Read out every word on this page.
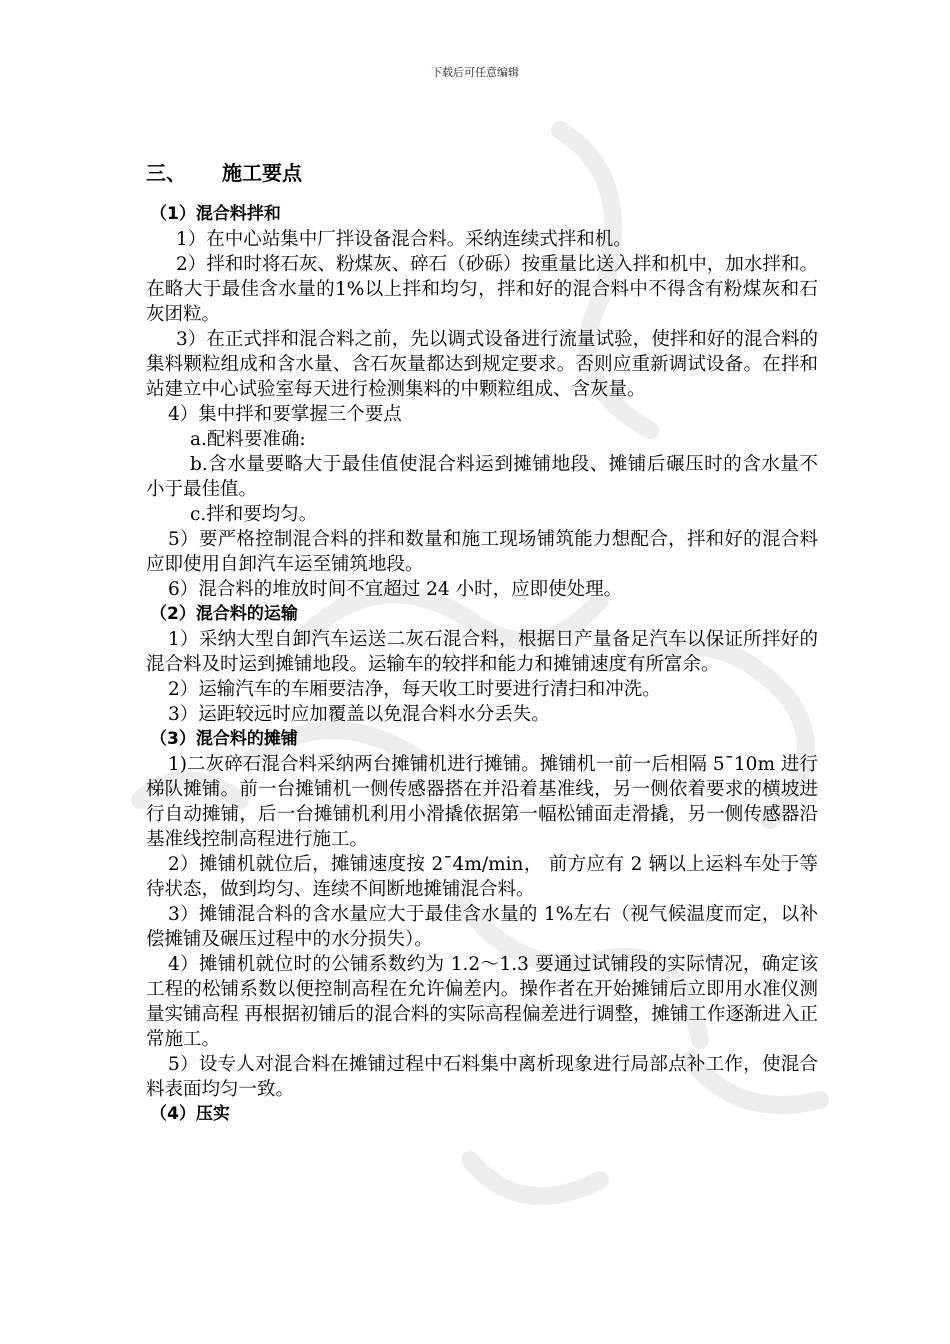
下载后可任意编辑
三、 施工要点

（1）混合料拌和

1）在中心站集中厂拌设备混合料。采纳连续式拌和机。

2）拌和时将石灰、粉煤灰、碎石（砂砾）按重量比送入拌和机中，加水拌和。在略大于最佳含水量的1%以上拌和均匀，拌和好的混合料中不得含有粉煤灰和石灰团粒。

3）在正式拌和混合料之前，先以调式设备进行流量试验，使拌和好的混合料的集料颗粒组成和含水量、含石灰量都达到规定要求。否则应重新调试设备。在拌和站建立中心试验室每天进行检测集料的中颗粒组成、含灰量。

4）集中拌和要掌握三个要点

a.配料要准确:

b.含水量要略大于最佳值使混合料运到摊铺地段、摊铺后碾压时的含水量不小于最佳值。

c.拌和要均匀。

5）要严格控制混合料的拌和数量和施工现场铺筑能力想配合，拌和好的混合料应即使用自卸汽车运至铺筑地段。

6）混合料的堆放时间不宜超过 24 小时，应即使处理。

（2）混合料的运输

1）采纳大型自卸汽车运送二灰石混合料，根据日产量备足汽车以保证所拌好的混合料及时运到摊铺地段。运输车的较拌和能力和摊铺速度有所富余。

2）运输汽车的车厢要洁净，每天收工时要进行清扫和冲洗。

3）运距较远时应加覆盖以免混合料水分丢失。

（3）混合料的摊铺

1)二灰碎石混合料采纳两台摊铺机进行摊铺。摊铺机一前一后相隔 5¯10m 进行梯队摊铺。前一台摊铺机一侧传感器搭在并沿着基准线，另一侧依着要求的横坡进行自动摊铺，后一台摊铺机利用小滑撬依据第一幅松铺面走滑撬，另一侧传感器沿基准线控制高程进行施工。

2）摊铺机就位后，摊铺速度按 2¯4m/min， 前方应有 2 辆以上运料车处于等待状态，做到均匀、连续不间断地摊铺混合料。

3）摊铺混合料的含水量应大于最佳含水量的 1%左右（视气候温度而定，以补偿摊铺及碾压过程中的水分损失）。

4）摊铺机就位时的公铺系数约为 1.2～1.3 要通过试铺段的实际情况，确定该工程的松铺系数以便控制高程在允许偏差内。操作者在开始摊铺后立即用水准仪测量实铺高程 再根据初铺后的混合料的实际高程偏差进行调整，摊铺工作逐渐进入正常施工。

5）设专人对混合料在摊铺过程中石料集中离析现象进行局部点补工作，使混合料表面均匀一致。

（4）压实
